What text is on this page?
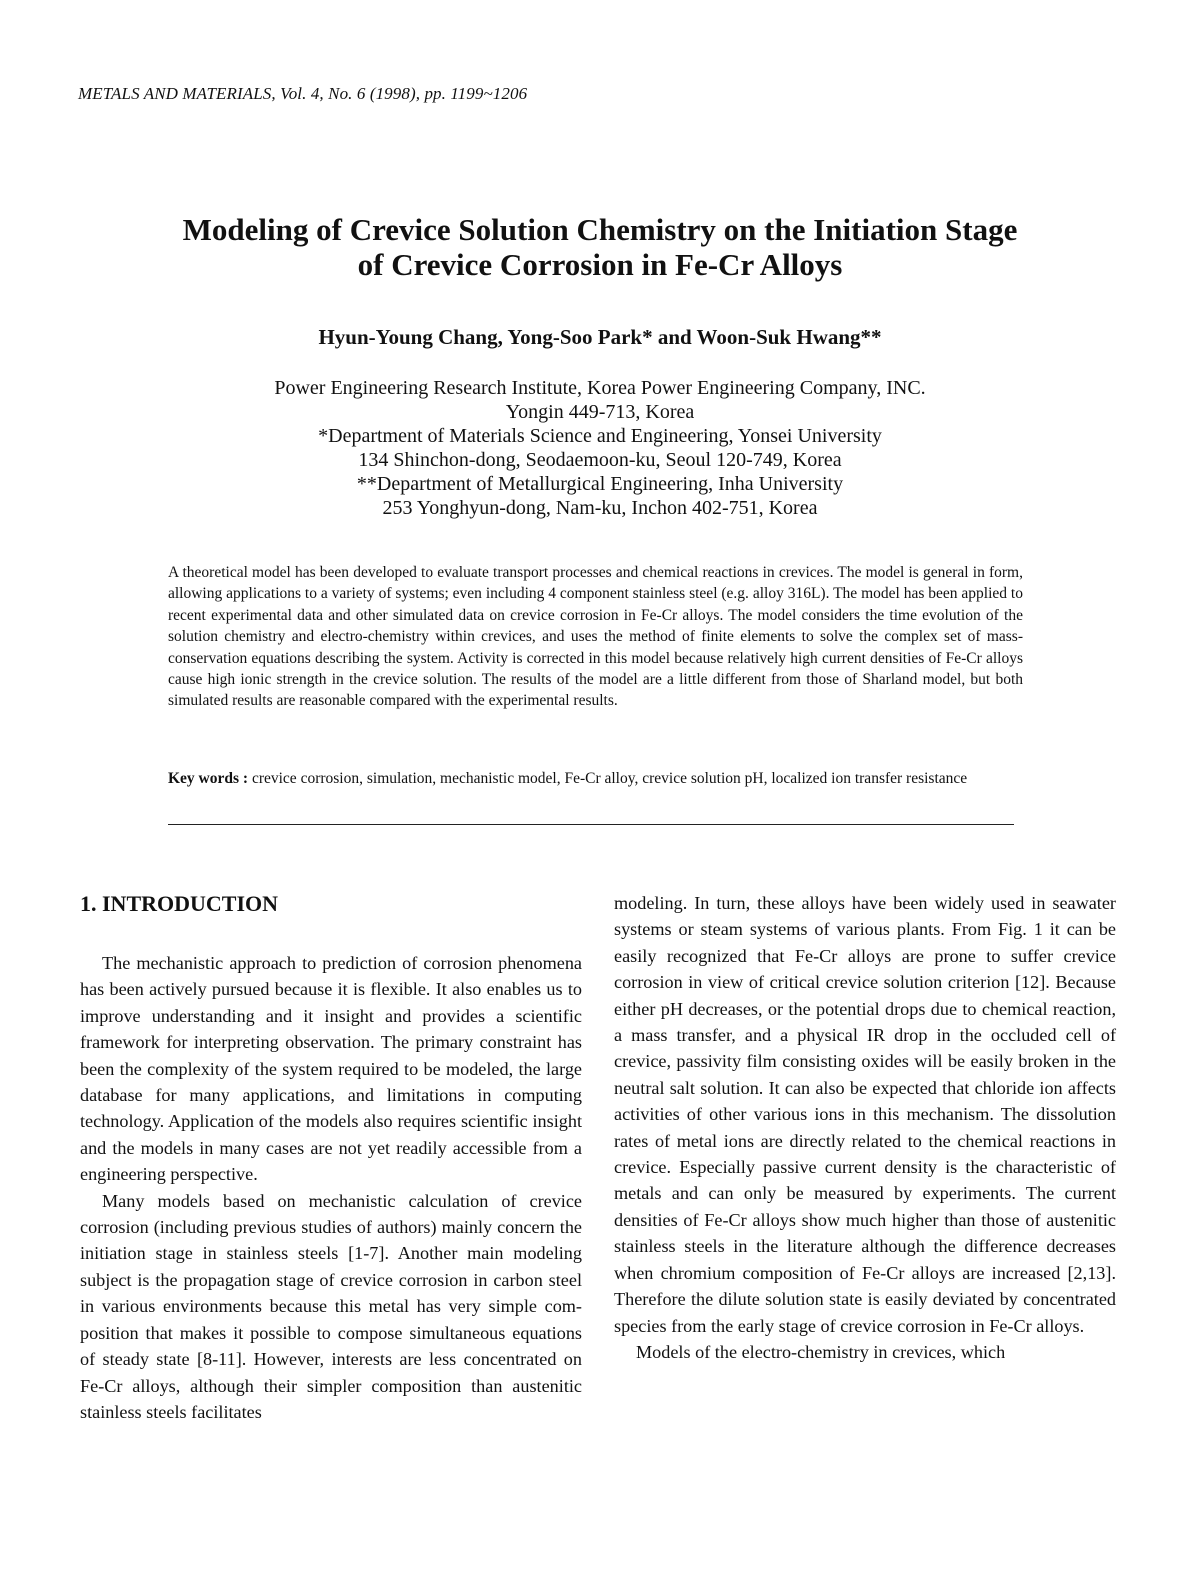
METALS AND MATERIALS, Vol. 4, No. 6 (1998), pp. 1199~1206
Modeling of Crevice Solution Chemistry on the Initiation Stage
of Crevice Corrosion in Fe-Cr Alloys
Hyun-Young Chang, Yong-Soo Park* and Woon-Suk Hwang**
Power Engineering Research Institute, Korea Power Engineering Company, INC.
Yongin 449-713, Korea
*Department of Materials Science and Engineering, Yonsei University
134 Shinchon-dong, Seodaemoon-ku, Seoul 120-749, Korea
**Department of Metallurgical Engineering, Inha University
253 Yonghyun-dong, Nam-ku, Inchon 402-751, Korea
A theoretical model has been developed to evaluate transport processes and chemical reactions in crevices. The model is general in form, allowing applications to a variety of systems; even including 4 component stainless steel (e.g. alloy 316L). The model has been applied to recent experimental data and other simulated data on crevice corrosion in Fe-Cr alloys. The model considers the time evolution of the solution chemistry and electro-chemistry within crevices, and uses the method of finite elements to solve the complex set of mass-conservation equations describing the system. Activity is corrected in this model because relatively high current densities of Fe-Cr alloys cause high ionic strength in the crevice solution. The results of the model are a little different from those of Sharland model, but both simulated results are reasonable compared with the experimental results.
Key words : crevice corrosion, simulation, mechanistic model, Fe-Cr alloy, crevice solution pH, localized ion transfer resistance
1. INTRODUCTION

The mechanistic approach to prediction of corrosion phenomena has been actively pursued because it is flexible. It also enables us to improve understanding and it insight and provides a scientific framework for interpreting observation. The primary constraint has been the complexity of the system required to be modeled, the large database for many applications, and limitations in computing technology. Application of the models also requires scientific insight and the models in many cases are not yet readily accessible from a engineering perspective.

Many models based on mechanistic calculation of crevice corrosion (including previous studies of authors) mainly concern the initiation stage in stainless steels [1-7]. Another main modeling subject is the propagation stage of crevice corrosion in carbon steel in various environments because this metal has very simple com-position that makes it possible to compose simultaneous equations of steady state [8-11]. However, interests are less concentrated on Fe-Cr alloys, although their simpler composition than austenitic stainless steels facilitates

modeling. In turn, these alloys have been widely used in seawater systems or steam systems of various plants. From Fig. 1 it can be easily recognized that Fe-Cr alloys are prone to suffer crevice corrosion in view of critical crevice solution criterion [12]. Because either pH decreases, or the potential drops due to chemical reaction, a mass transfer, and a physical IR drop in the occluded cell of crevice, passivity film consisting oxides will be easily broken in the neutral salt solution. It can also be expected that chloride ion affects activities of other various ions in this mechanism. The dissolution rates of metal ions are directly related to the chemical reactions in crevice. Especially passive current density is the characteristic of metals and can only be measured by experiments. The current densities of Fe-Cr alloys show much higher than those of austenitic stainless steels in the literature although the difference decreases when chromium composition of Fe-Cr alloys are increased [2,13]. Therefore the dilute solution state is easily deviated by concentrated species from the early stage of crevice corrosion in Fe-Cr alloys.

Models of the electro-chemistry in crevices, which
